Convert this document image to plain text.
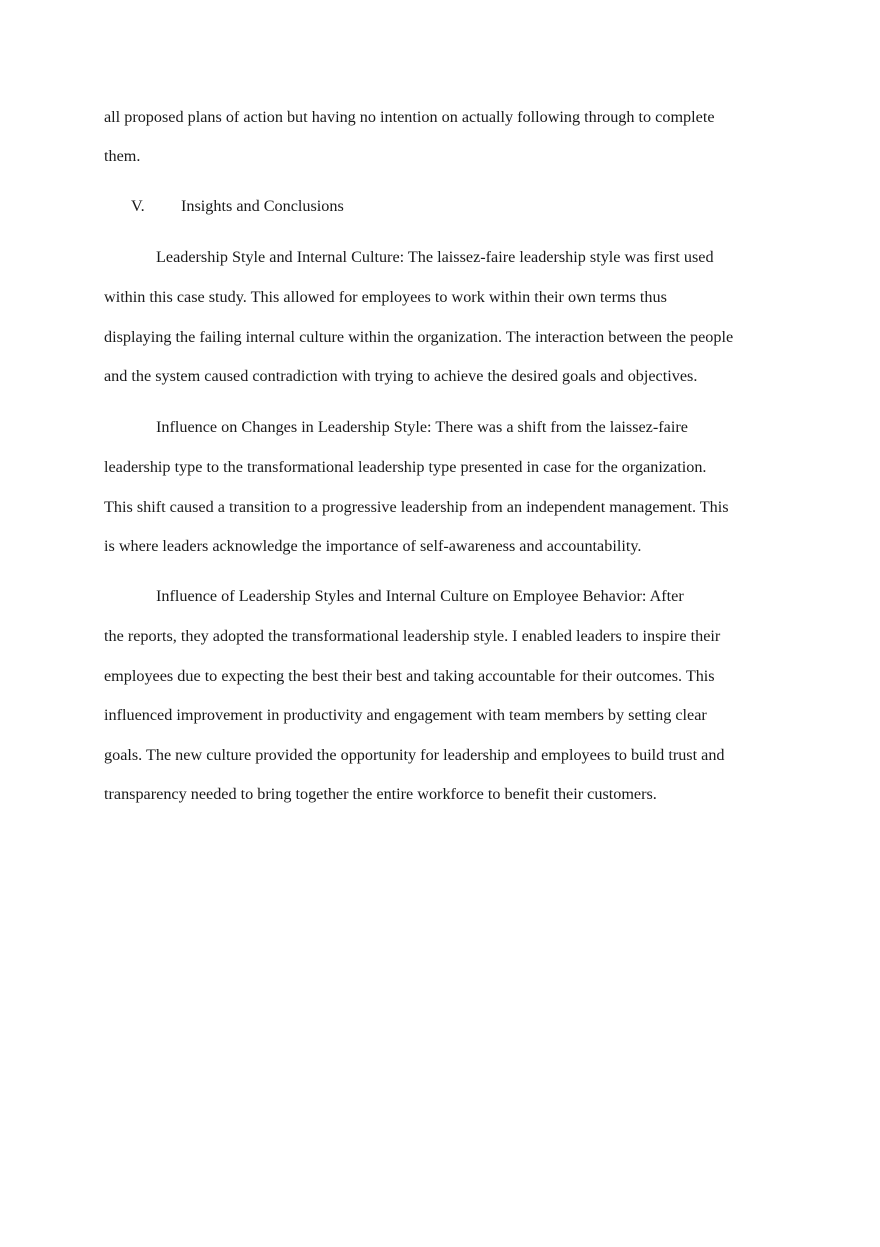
all proposed plans of action but having no intention on actually following through to complete
them.
V. Insights and Conclusions
Leadership Style and Internal Culture: The laissez-faire leadership style was first used
within this case study. This allowed for employees to work within their own terms thus
displaying the failing internal culture within the organization. The interaction between the people
and the system caused contradiction with trying to achieve the desired goals and objectives.
Influence on Changes in Leadership Style: There was a shift from the laissez-faire
leadership type to the transformational leadership type presented in case for the organization.
This shift caused a transition to a progressive leadership from an independent management. This
is where leaders acknowledge the importance of self-awareness and accountability.
Influence of Leadership Styles and Internal Culture on Employee Behavior: After
the reports, they adopted the transformational leadership style. I enabled leaders to inspire their
employees due to expecting the best their best and taking accountable for their outcomes. This
influenced improvement in productivity and engagement with team members by setting clear
goals. The new culture provided the opportunity for leadership and employees to build trust and
transparency needed to bring together the entire workforce to benefit their customers.
